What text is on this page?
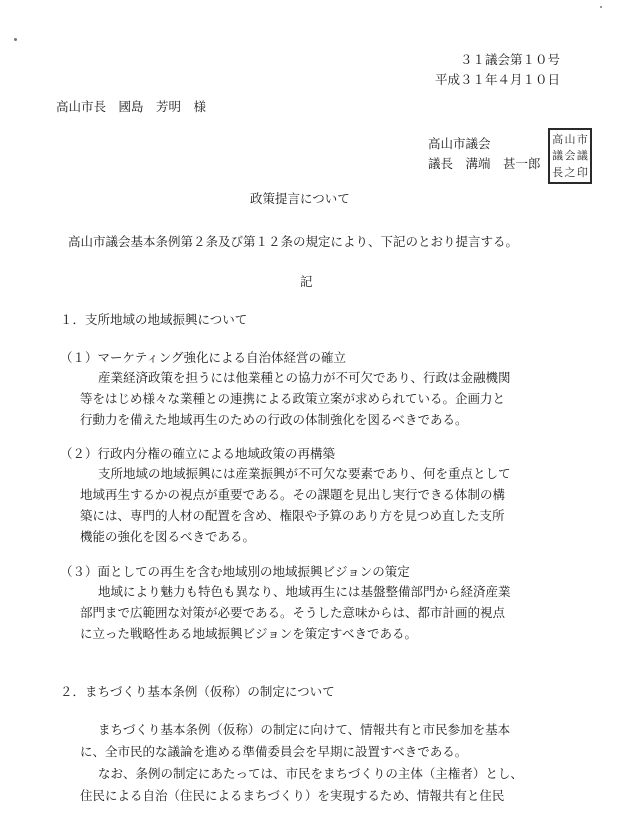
３１議会第１０号
平成３１年４月１０日
高山市長　國島　芳明　様
高山市議会
議長　溝端　甚一郎
高 山 市
議 会 議
長 之 印
政策提言について
高山市議会基本条例第２条及び第１２条の規定により、下記のとおり提言する。
記
１．支所地域の地域振興について
（１）マーケティング強化による自治体経営の確立
産業経済政策を担うには他業種との協力が不可欠であり、行政は金融機関
等をはじめ様々な業種との連携による政策立案が求められている。企画力と
行動力を備えた地域再生のための行政の体制強化を図るべきである。
（２）行政内分権の確立による地域政策の再構築
支所地域の地域振興には産業振興が不可欠な要素であり、何を重点として
地域再生するかの視点が重要である。その課題を見出し実行できる体制の構
築には、専門的人材の配置を含め、権限や予算のあり方を見つめ直した支所
機能の強化を図るべきである。
（３）面としての再生を含む地域別の地域振興ビジョンの策定
地域により魅力も特色も異なり、地域再生には基盤整備部門から経済産業
部門まで広範囲な対策が必要である。そうした意味からは、都市計画的視点
に立った戦略性ある地域振興ビジョンを策定すべきである。
２．まちづくり基本条例（仮称）の制定について
まちづくり基本条例（仮称）の制定に向けて、情報共有と市民参加を基本
に、全市民的な議論を進める準備委員会を早期に設置すべきである。
なお、条例の制定にあたっては、市民をまちづくりの主体（主権者）とし、
住民による自治（住民によるまちづくり）を実現するため、情報共有と住民
